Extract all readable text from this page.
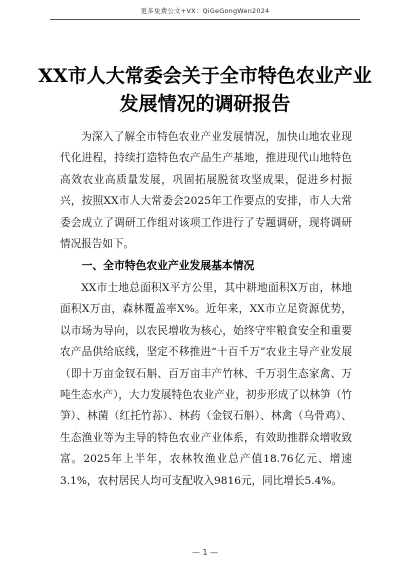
更多免费公文+VX：QiGeGongWen2024
XX市人大常委会关于全市特色农业产业
发展情况的调研报告
为深入了解全市特色农业产业发展情况，加快山地农业现代化进程，持续打造特色农产品生产基地，推进现代山地特色高效农业高质量发展，巩固拓展脱贫攻坚成果，促进乡村振兴，按照XX市人大常委会2025年工作要点的安排，市人大常委会成立了调研工作组对该项工作进行了专题调研，现将调研情况报告如下。
一、全市特色农业产业发展基本情况
XX市土地总面积X平方公里，其中耕地面积X万亩，林地面积X万亩，森林覆盖率X%。近年来，XX市立足资源优势，以市场为导向，以农民增收为核心，始终守牢粮食安全和重要农产品供给底线，坚定不移推进“十百千万”农业主导产业发展（即十万亩金钗石斛、百万亩丰产竹林、千万羽生态家禽、万吨生态水产），大力发展特色农业产业，初步形成了以林笋（竹笋）、林菌（红托竹荪）、林药（金钗石斛）、林禽（乌骨鸡）、生态渔业等为主导的特色农业产业体系，有效助推群众增收致富。2025年上半年，农林牧渔业总产值18.76亿元、增速3.1%，农村居民人均可支配收入9816元，同比增长5.4%。
— 1 —
